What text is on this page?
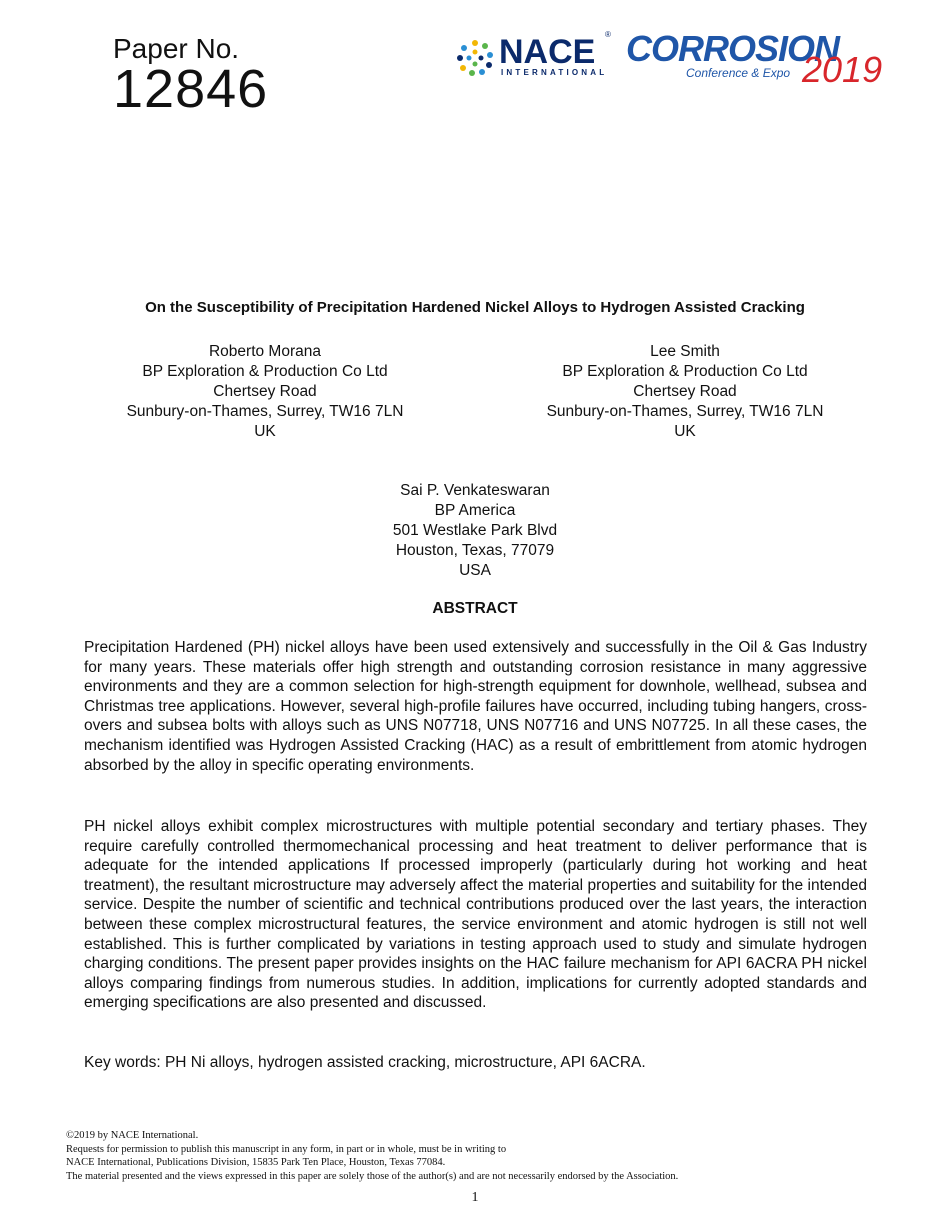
Paper No.
12846
NACE ®
INTERNATIONAL
CORROSION
Conference & Expo 2019
On the Susceptibility of Precipitation Hardened Nickel Alloys to Hydrogen Assisted Cracking
Roberto Morana
BP Exploration & Production Co Ltd
Chertsey Road
Sunbury-on-Thames, Surrey, TW16 7LN
UK
Lee Smith
BP Exploration & Production Co Ltd
Chertsey Road
Sunbury-on-Thames, Surrey, TW16 7LN
UK
Sai P. Venkateswaran
BP America
501 Westlake Park Blvd
Houston, Texas, 77079
USA
ABSTRACT
Precipitation Hardened (PH) nickel alloys have been used extensively and successfully in the Oil & Gas Industry for many years. These materials offer high strength and outstanding corrosion resistance in many aggressive environments and they are a common selection for high-strength equipment for downhole, wellhead, subsea and Christmas tree applications. However, several high-profile failures have occurred, including tubing hangers, cross-overs and subsea bolts with alloys such as UNS N07718, UNS N07716 and UNS N07725. In all these cases, the mechanism identified was Hydrogen Assisted Cracking (HAC) as a result of embrittlement from atomic hydrogen absorbed by the alloy in specific operating environments.
PH nickel alloys exhibit complex microstructures with multiple potential secondary and tertiary phases. They require carefully controlled thermomechanical processing and heat treatment to deliver performance that is adequate for the intended applications If processed improperly (particularly during hot working and heat treatment), the resultant microstructure may adversely affect the material properties and suitability for the intended service. Despite the number of scientific and technical contributions produced over the last years, the interaction between these complex microstructural features, the service environment and atomic hydrogen is still not well established. This is further complicated by variations in testing approach used to study and simulate hydrogen charging conditions. The present paper provides insights on the HAC failure mechanism for API 6ACRA PH nickel alloys comparing findings from numerous studies. In addition, implications for currently adopted standards and emerging specifications are also presented and discussed.
Key words: PH Ni alloys, hydrogen assisted cracking, microstructure, API 6ACRA.
©2019 by NACE International.
Requests for permission to publish this manuscript in any form, in part or in whole, must be in writing to
NACE International, Publications Division, 15835 Park Ten Place, Houston, Texas 77084.
The material presented and the views expressed in this paper are solely those of the author(s) and are not necessarily endorsed by the Association.
1
